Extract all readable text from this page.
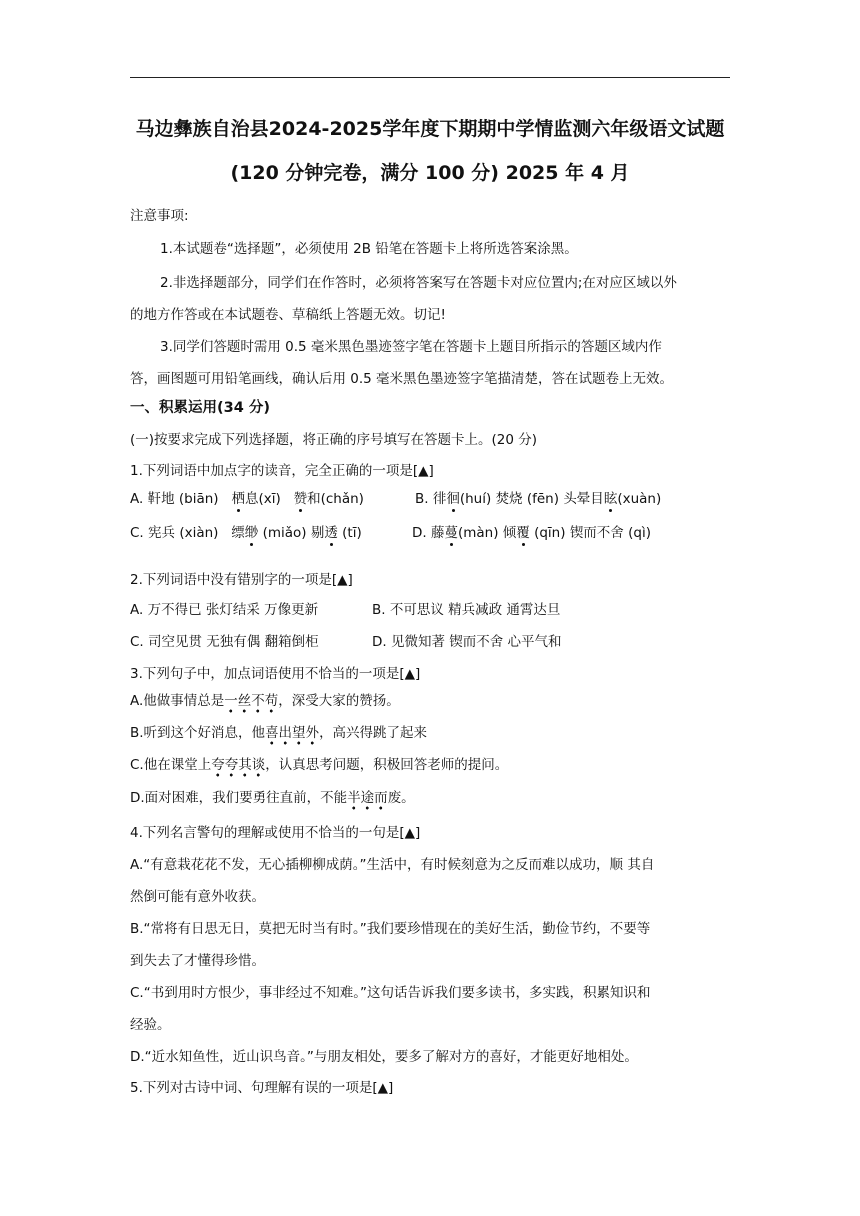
马边彝族自治县2024-2025学年度下期期中学情监测六年级语文试题
(120 分钟完卷，满分 100 分) 2025 年 4 月
注意事项:
1.本试题卷“选择题”，必须使用 2B 铅笔在答题卡上将所选答案涂黑。
2.非选择题部分，同学们在作答时，必须将答案写在答题卡对应位置内;在对应区域以外
的地方作答或在本试题卷、草稿纸上答题无效。切记!
3.同学们答题时需用 0.5 毫米黑色墨迹签字笔在答题卡上题目所指示的答题区域内作
答，画图题可用铅笔画线，确认后用 0.5 毫米黑色墨迹签字笔描清楚，答在试题卷上无效。
一、积累运用(34 分)
(一)按要求完成下列选择题，将正确的序号填写在答题卡上。(20 分)
1.下列词语中加点字的读音，完全正确的一项是[▲]
A. 靬地 (biān) 栖息(xī) 赞和(chǎn)	B. 徘徊(huí) 焚烧 (fēn) 头晕目眩(xuàn)
C. 宪兵 (xiàn) 缥缈 (miǎo) 剔透 (tī)	D. 藤蔓(màn) 倾覆 (qīn) 锲而不舍 (qì)
2.下列词语中没有错别字的一项是[▲]
A. 万不得已 张灯结采 万像更新	B. 不可思议 精兵减政 通霄达旦
C. 司空见贯 无独有偶 翻箱倒柜	D. 见微知著 锲而不舍 心平气和
3.下列句子中，加点词语使用不恰当的一项是[▲]
A.他做事情总是一丝不苟，深受大家的赞扬。
B.听到这个好消息，他喜出望外，高兴得跳了起来
C.他在课堂上夸夸其谈，认真思考问题，积极回答老师的提问。
D.面对困难，我们要勇往直前，不能半途而废。
4.下列名言警句的理解或使用不恰当的一句是[▲]
A.“有意栽花花不发，无心插柳柳成荫。”生活中，有时候刻意为之反而难以成功，顺 其自
然倒可能有意外收获。
B.“常将有日思无日，莫把无时当有时。”我们要珍惜现在的美好生活，勤俭节约，不要等
到失去了才懂得珍惜。
C.“书到用时方恨少，事非经过不知难。”这句话告诉我们要多读书，多实践，积累知识和
经验。
D.“近水知鱼性，近山识鸟音。”与朋友相处，要多了解对方的喜好，才能更好地相处。
5.下列对古诗中词、句理解有误的一项是[▲]
